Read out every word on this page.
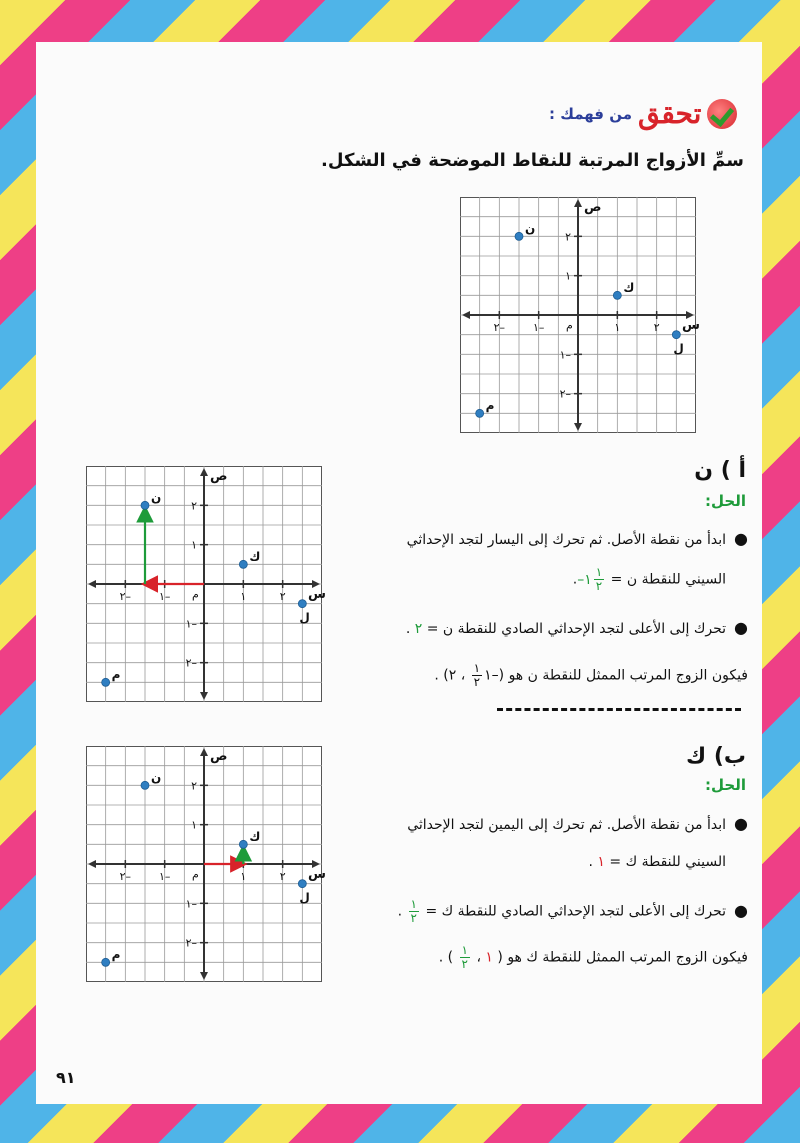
تحقق
من فهمك :
سمِّ الأزواج المرتبة للنقاط الموضحة في الشكل.
س
ص
م
٢–	١–	١	٢
٢
١
١–
٢–
ن
ك
ل
م
س
ص
م
٢–	١–	١	٢
٢
١
١–
٢–
ن
ك
ل
م
أ ) ن
الحل:
●ابدأ من نقطة الأصل. ثم تحرك إلى اليسار لتجد الإحداثي
السيني للنقطة ن = –١ $\frac{١}{٢}$
.
●تحرك إلى الأعلى لتجد الإحداثي الصادي للنقطة ن = ٢ .
فيكون الزوج المرتب الممثل للنقطة ن هو (–١
$\frac{١}{٢}$
، ٢) .
س
ص
م
٢–	١–	١	٢
٢
١
١–
٢–
ن
ك
ل
م
ب) ك
الحل:
●ابدأ من نقطة الأصل. ثم تحرك إلى اليمين لتجد الإحداثي
السيني للنقطة ك = ١ .
●تحرك إلى الأعلى لتجد الإحداثي الصادي للنقطة ك =
$\frac{١}{٢}$
.
فيكون الزوج المرتب الممثل للنقطة ك هو ( ١ ،
$\frac{١}{٢}$
) .
٩١
